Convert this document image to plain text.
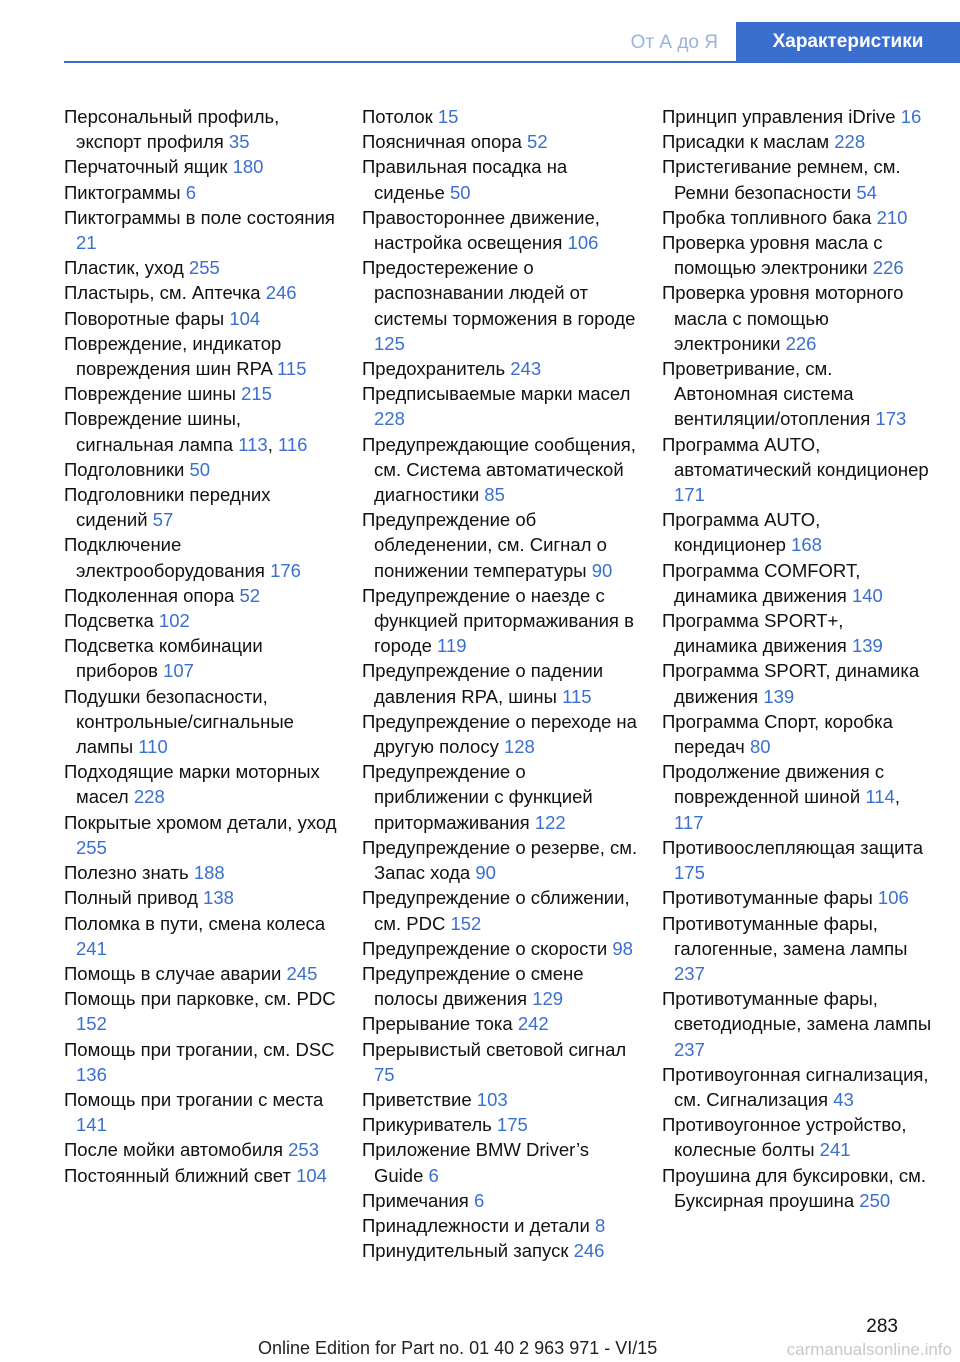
От А до Я	Характеристики
Персональный профиль, экспорт профиля 35
Перчаточный ящик 180
Пиктограммы 6
Пиктограммы в поле состояния 21
Пластик, уход 255
Пластырь, см. Аптечка 246
Поворотные фары 104
Повреждение, индикатор повреждения шин RPA 115
Повреждение шины 215
Повреждение шины, сигнальная лампа 113, 116
Подголовники 50
Подголовники передних сидений 57
Подключение электрооборудования 176
Подколенная опора 52
Подсветка 102
Подсветка комбинации приборов 107
Подушки безопасности, контрольные/сигнальные лампы 110
Подходящие марки моторных масел 228
Покрытые хромом детали, уход 255
Полезно знать 188
Полный привод 138
Поломка в пути, смена колеса 241
Помощь в случае аварии 245
Помощь при парковке, см. PDC 152
Помощь при трогании, см. DSC 136
Помощь при трогании с места 141
После мойки автомобиля 253
Постоянный ближний свет 104
Потолок 15
Поясничная опора 52
Правильная посадка на сиденье 50
Правостороннее движение, настройка освещения 106
Предостережение о распознавании людей от системы торможения в городе 125
Предохранитель 243
Предписываемые марки масел 228
Предупреждающие сообщения, см. Система автоматической диагностики 85
Предупреждение об обледенении, см. Сигнал о понижении температуры 90
Предупреждение о наезде с функцией притормаживания в городе 119
Предупреждение о падении давления RPA, шины 115
Предупреждение о переходе на другую полосу 128
Предупреждение о приближении с функцией притормаживания 122
Предупреждение о резерве, см. Запас хода 90
Предупреждение о сближении, см. PDC 152
Предупреждение о скорости 98
Предупреждение о смене полосы движения 129
Прерывание тока 242
Прерывистый световой сигнал 75
Приветствие 103
Прикуриватель 175
Приложение BMW Driver’s Guide 6
Примечания 6
Принадлежности и детали 8
Принудительный запуск 246
Принцип управления iDrive 16
Присадки к маслам 228
Пристегивание ремнем, см. Ремни безопасности 54
Пробка топливного бака 210
Проверка уровня масла с помощью электроники 226
Проверка уровня моторного масла с помощью электроники 226
Проветривание, см. Автономная система вентиляции/отопления 173
Программа AUTO, автоматический кондиционер 171
Программа AUTO, кондиционер 168
Программа COMFORT, динамика движения 140
Программа SPORT+, динамика движения 139
Программа SPORT, динамика движения 139
Программа Спорт, коробка передач 80
Продолжение движения с поврежденной шиной 114, 117
Противоослепляющая защита 175
Противотуманные фары 106
Противотуманные фары, галогенные, замена лампы 237
Противотуманные фары, светодиодные, замена лампы 237
Противоугонная сигнализация, см. Сигнализация 43
Противоугонное устройство, колесные болты 241
Проушина для буксировки, см. Буксирная проушина 250
283
Online Edition for Part no. 01 40 2 963 971 - VI/15	carmanualsonline.info
